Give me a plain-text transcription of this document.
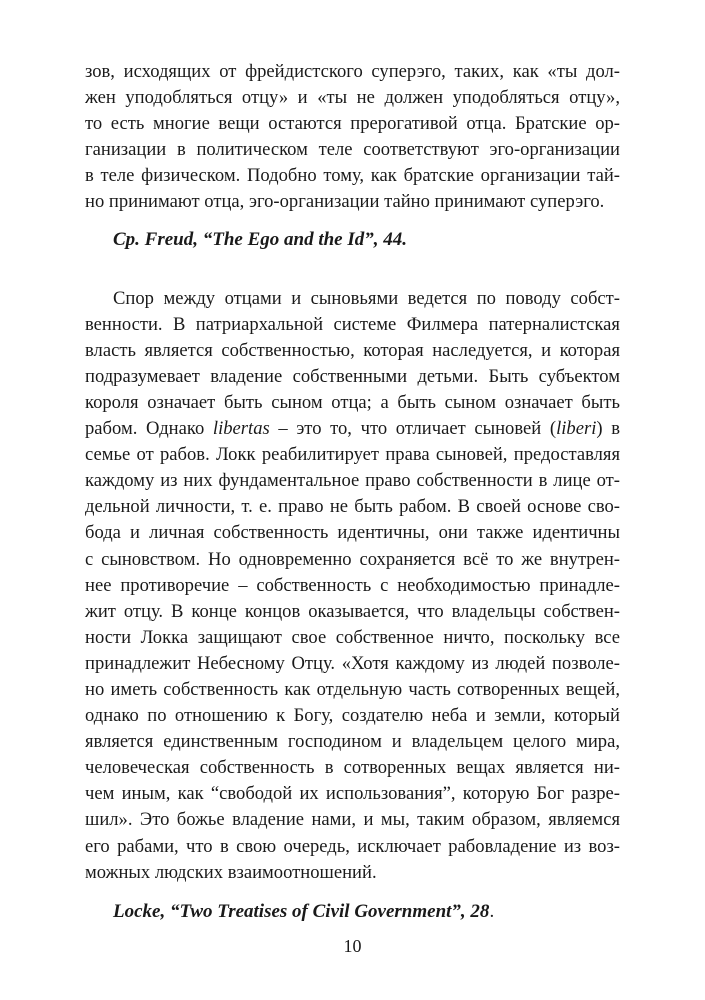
зов, исходящих от фрейдистского суперэго, таких, как «ты дол-
жен уподобляться отцу» и «ты не должен уподобляться отцу»,
то есть многие вещи остаются прерогативой отца. Братские ор-
ганизации в политическом теле соответствуют эго-организации
в теле физическом. Подобно тому, как братские организации тай-
но принимают отца, эго-организации тайно принимают суперэго.

Cp. Freud, “The Ego and the Id”, 44.

Спор между отцами и сыновьями ведется по поводу собст-
венности. В патриархальной системе Филмера патерналистская
власть является собственностью, которая наследуется, и которая
подразумевает владение собственными детьми. Быть субъектом
короля означает быть сыном отца; а быть сыном означает быть
рабом. Однако libertas – это то, что отличает сыновей (liberi) в
семье от рабов. Локк реабилитирует права сыновей, предоставляя
каждому из них фундаментальное право собственности в лице от-
дельной личности, т. е. право не быть рабом. В своей основе сво-
бода и личная собственность идентичны, они также идентичны
с сыновством. Но одновременно сохраняется всё то же внутрен-
нее противоречие – собственность с необходимостью принадле-
жит отцу. В конце концов оказывается, что владельцы собствен-
ности Локка защищают свое собственное ничто, поскольку все
принадлежит Небесному Отцу. «Хотя каждому из людей позволе-
но иметь собственность как отдельную часть сотворенных вещей,
однако по отношению к Богу, создателю неба и земли, который
является единственным господином и владельцем целого мира,
человеческая собственность в сотворенных вещах является ни-
чем иным, как “свободой их использования”, которую Бог разре-
шил». Это божье владение нами, и мы, таким образом, являемся
его рабами, что в свою очередь, исключает рабовладение из воз-
можных людских взаимоотношений.

Locke, “Two Treatises of Civil Government”, 28.

10
